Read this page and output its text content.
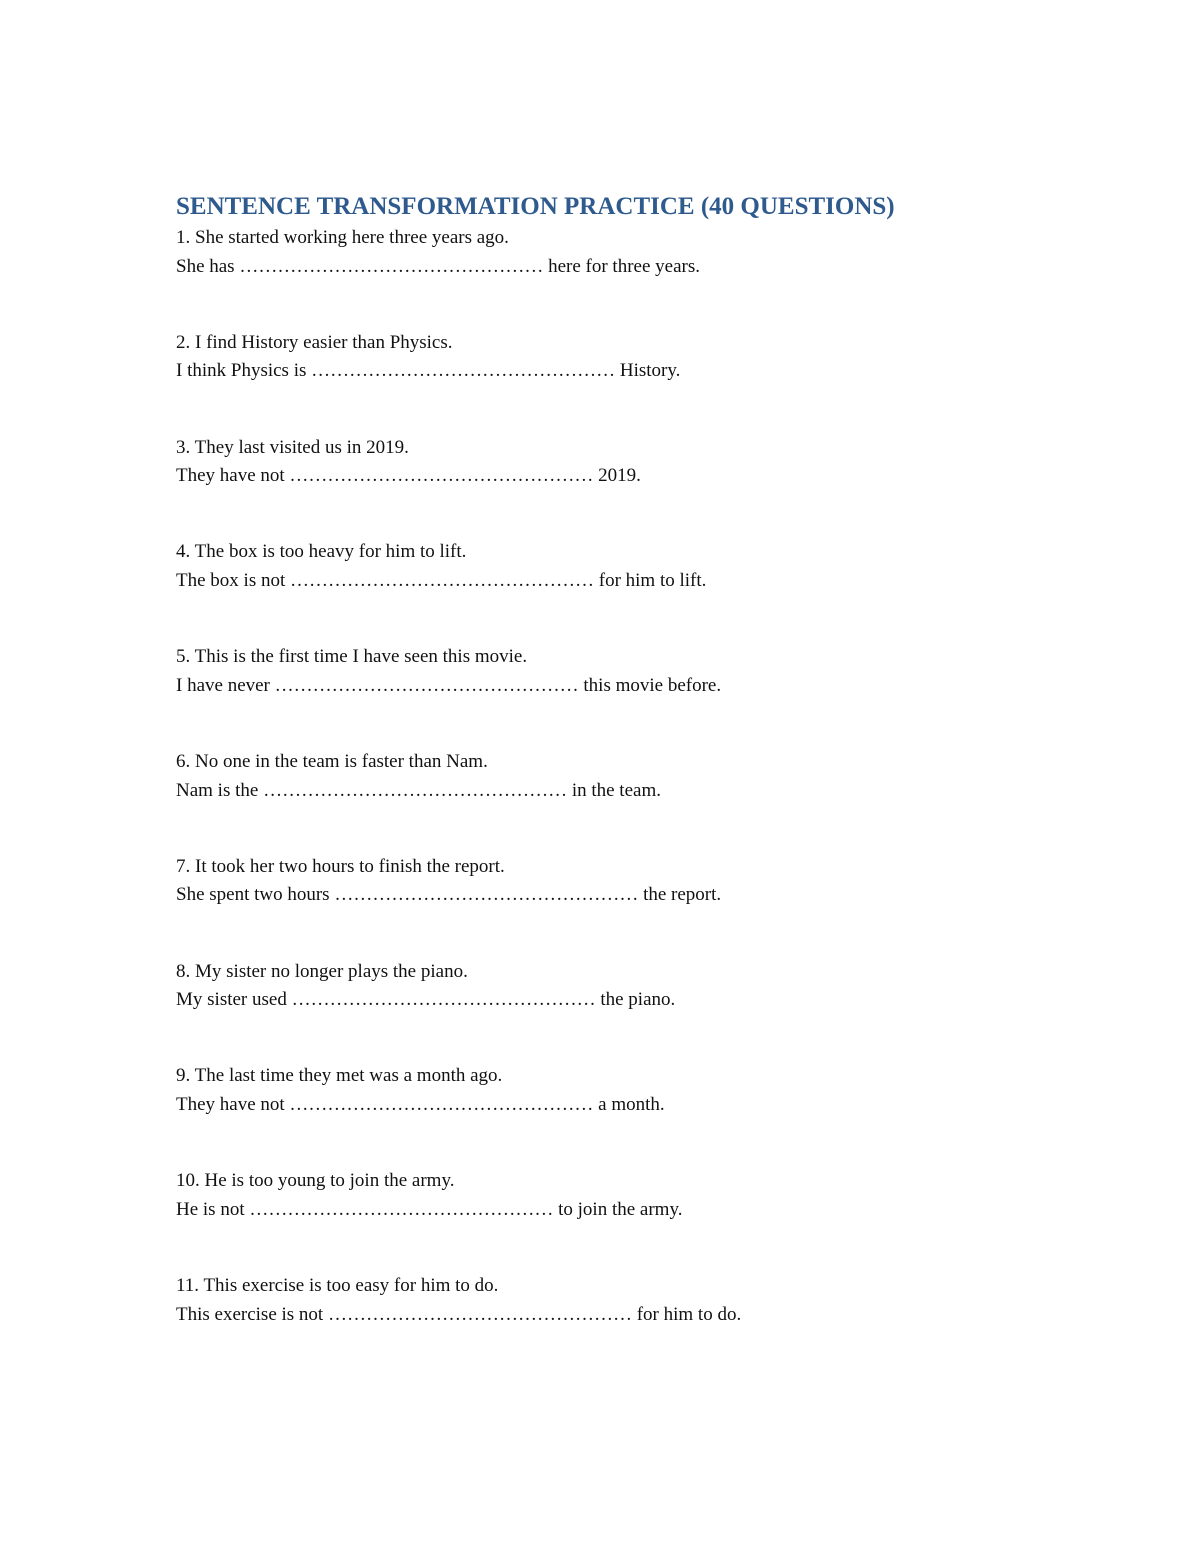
SENTENCE TRANSFORMATION PRACTICE (40 QUESTIONS)
1. She started working here three years ago.
She has ………………………………………… here for three years.
2. I find History easier than Physics.
I think Physics is ………………………………………… History.
3. They last visited us in 2019.
They have not ………………………………………… 2019.
4. The box is too heavy for him to lift.
The box is not ………………………………………… for him to lift.
5. This is the first time I have seen this movie.
I have never ………………………………………… this movie before.
6. No one in the team is faster than Nam.
Nam is the ………………………………………… in the team.
7. It took her two hours to finish the report.
She spent two hours ………………………………………… the report.
8. My sister no longer plays the piano.
My sister used ………………………………………… the piano.
9. The last time they met was a month ago.
They have not ………………………………………… a month.
10. He is too young to join the army.
He is not ………………………………………… to join the army.
11. This exercise is too easy for him to do.
This exercise is not ………………………………………… for him to do.
